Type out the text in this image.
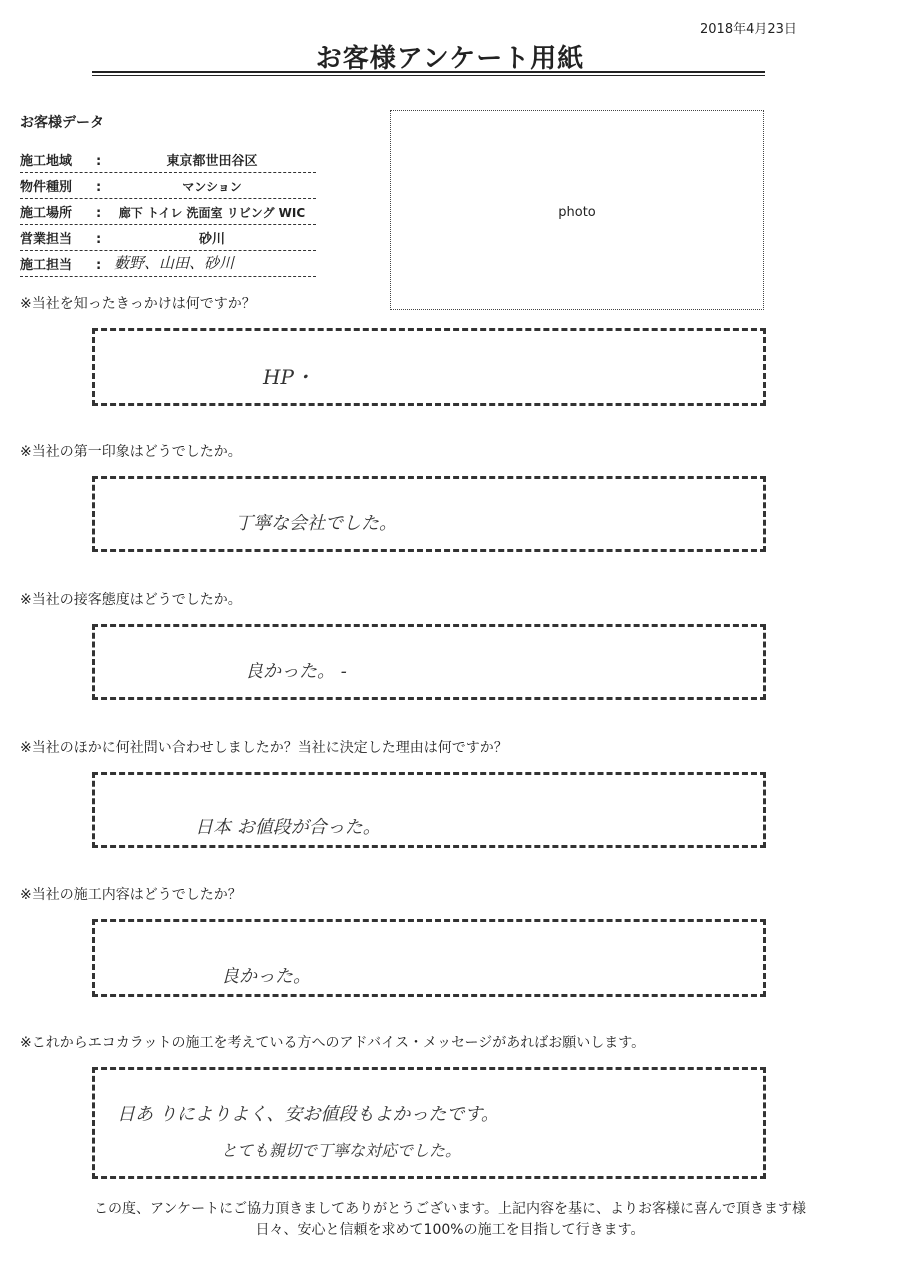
2018年4月23日
お客様アンケート用紙
お客様データ
施工地域 :	東京都世田谷区
物件種別 :	マンション
施工場所 :	廊下 トイレ 洗面室 リビング WIC
営業担当 :	砂川
施工担当 : 藪野、山田、砂川
photo
※当社を知ったきっかけは何ですか？
HP・
※当社の第一印象はどうでしたか。
丁寧な会社でした。
※当社の接客態度はどうでしたか。
良かった。 -
※当社のほかに何社問い合わせしましたか？当社に決定した理由は何ですか？
日本 お値段が合った。
※当社の施工内容はどうでしたか？
良かった。
※これからエコカラットの施工を考えている方へのアドバイス・メッセージがあればお願いします。
日あ りによりよく、安お値段もよかったです。
とても親切で丁寧な対応でした。
この度、アンケートにご協力頂きましてありがとうございます。上記内容を基に、よりお客様に喜んで頂きます様
日々、安心と信頼を求めて100%の施工を目指して行きます。
